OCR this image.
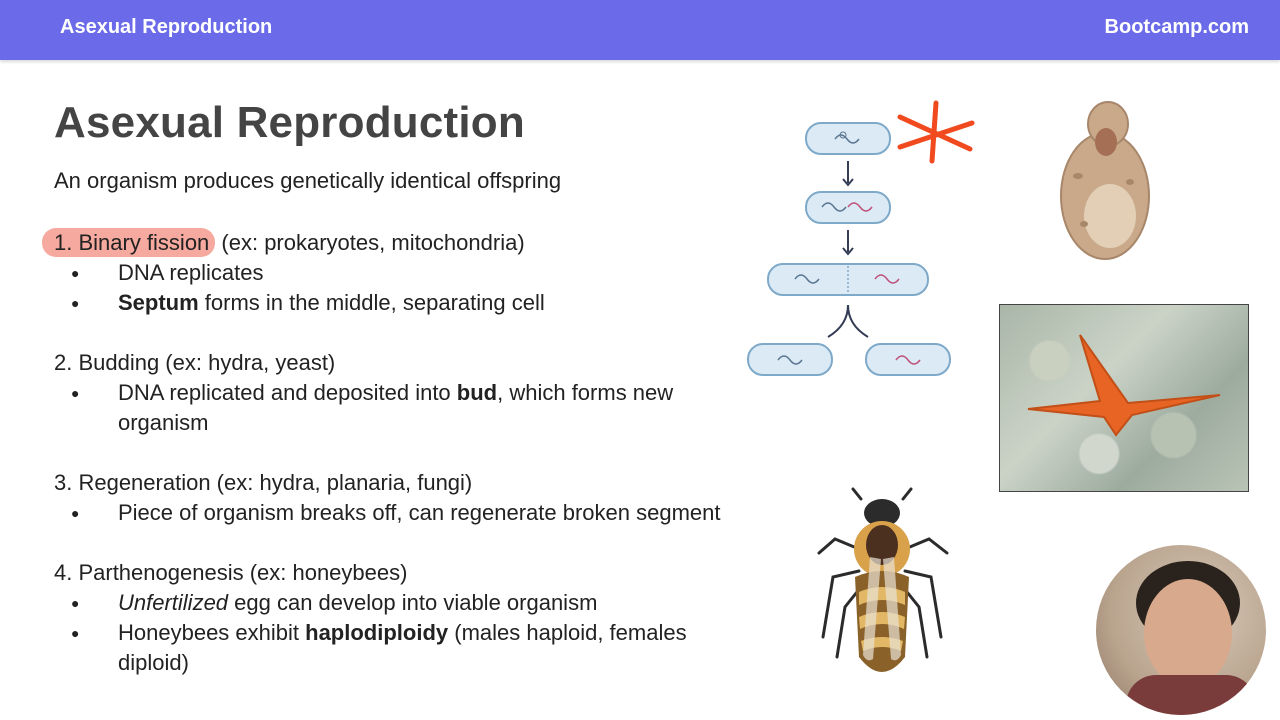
Asexual Reproduction	Bootcamp.com
Asexual Reproduction
An organism produces genetically identical offspring
1. Binary fission (ex: prokaryotes, mitochondria)
● DNA replicates
● Septum forms in the middle, separating cell
2. Budding (ex: hydra, yeast)
● DNA replicated and deposited into bud, which forms new organism
3. Regeneration (ex: hydra, planaria, fungi)
● Piece of organism breaks off, can regenerate broken segment
4. Parthenogenesis (ex: honeybees)
● Unfertilized egg can develop into viable organism
● Honeybees exhibit haplodiploidy (males haploid, females diploid)
